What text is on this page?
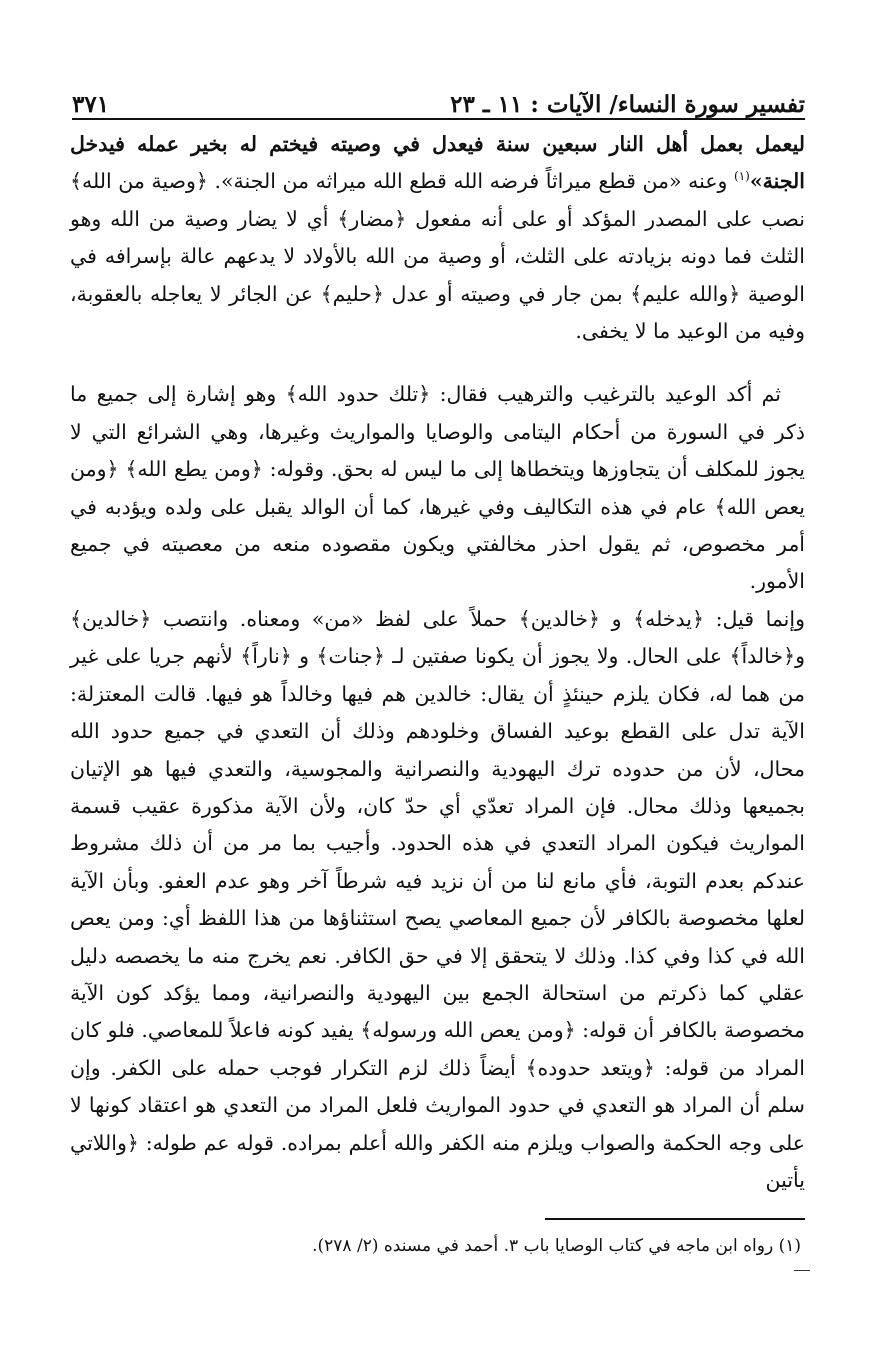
تفسير سورة النساء/ الآيات : ١١ ـ ٢٣
٣٧١

ليعمل بعمل أهل النار سبعين سنة فيعدل في وصيته فيختم له بخير عمله فيدخل الجنة»$^{(١)}$ وعنه «من قطع ميراثاً فرضه الله قطع الله ميراثه من الجنة». ﴿وصية من الله﴾ نصب على المصدر المؤكد أو على أنه مفعول ﴿مضار﴾ أي لا يضار وصية من الله وهو الثلث فما دونه بزيادته على الثلث، أو وصية من الله بالأولاد لا يدعهم عالة بإسرافه في الوصية ﴿والله عليم﴾ بمن جار في وصيته أو عدل ﴿حليم﴾ عن الجائر لا يعاجله بالعقوبة، وفيه من الوعيد ما لا يخفى.

ثم أكد الوعيد بالترغيب والترهيب فقال: ﴿تلك حدود الله﴾ وهو إشارة إلى جميع ما ذكر في السورة من أحكام اليتامى والوصايا والمواريث وغيرها، وهي الشرائع التي لا يجوز للمكلف أن يتجاوزها ويتخطاها إلى ما ليس له بحق. وقوله: ﴿ومن يطع الله﴾ ﴿ومن يعص الله﴾ عام في هذه التكاليف وفي غيرها، كما أن الوالد يقبل على ولده ويؤدبه في أمر مخصوص، ثم يقول احذر مخالفتي ويكون مقصوده منعه من معصيته في جميع الأمور.

وإنما قيل: ﴿يدخله﴾ و ﴿خالدين﴾ حملاً على لفظ «من» ومعناه. وانتصب ﴿خالدين﴾ و﴿خالداً﴾ على الحال. ولا يجوز أن يكونا صفتين لـ ﴿جنات﴾ و ﴿ناراً﴾ لأنهم جريا على غير من هما له، فكان يلزم حينئذٍ أن يقال: خالدين هم فيها وخالداً هو فيها. قالت المعتزلة: الآية تدل على القطع بوعيد الفساق وخلودهم وذلك أن التعدي في جميع حدود الله محال، لأن من حدوده ترك اليهودية والنصرانية والمجوسية، والتعدي فيها هو الإتيان بجميعها وذلك محال. فإن المراد تعدّي أي حدّ كان، ولأن الآية مذكورة عقيب قسمة المواريث فيكون المراد التعدي في هذه الحدود. وأجيب بما مر من أن ذلك مشروط عندكم بعدم التوبة، فأي مانع لنا من أن نزيد فيه شرطاً آخر وهو عدم العفو. وبأن الآية لعلها مخصوصة بالكافر لأن جميع المعاصي يصح استثناؤها من هذا اللفظ أي: ومن يعص الله في كذا وفي كذا. وذلك لا يتحقق إلا في حق الكافر. نعم يخرج منه ما يخصصه دليل عقلي كما ذكرتم من استحالة الجمع بين اليهودية والنصرانية، ومما يؤكد كون الآية مخصوصة بالكافر أن قوله: ﴿ومن يعص الله ورسوله﴾ يفيد كونه فاعلاً للمعاصي. فلو كان المراد من قوله: ﴿ويتعد حدوده﴾ أيضاً ذلك لزم التكرار فوجب حمله على الكفر. وإن سلم أن المراد هو التعدي في حدود المواريث فلعل المراد من التعدي هو اعتقاد كونها لا على وجه الحكمة والصواب ويلزم منه الكفر والله أعلم بمراده. قوله عم طوله: ﴿واللاتي يأتين

(١) رواه ابن ماجه في كتاب الوصايا باب ٣. أحمد في مسنده (٢/ ٢٧٨).
